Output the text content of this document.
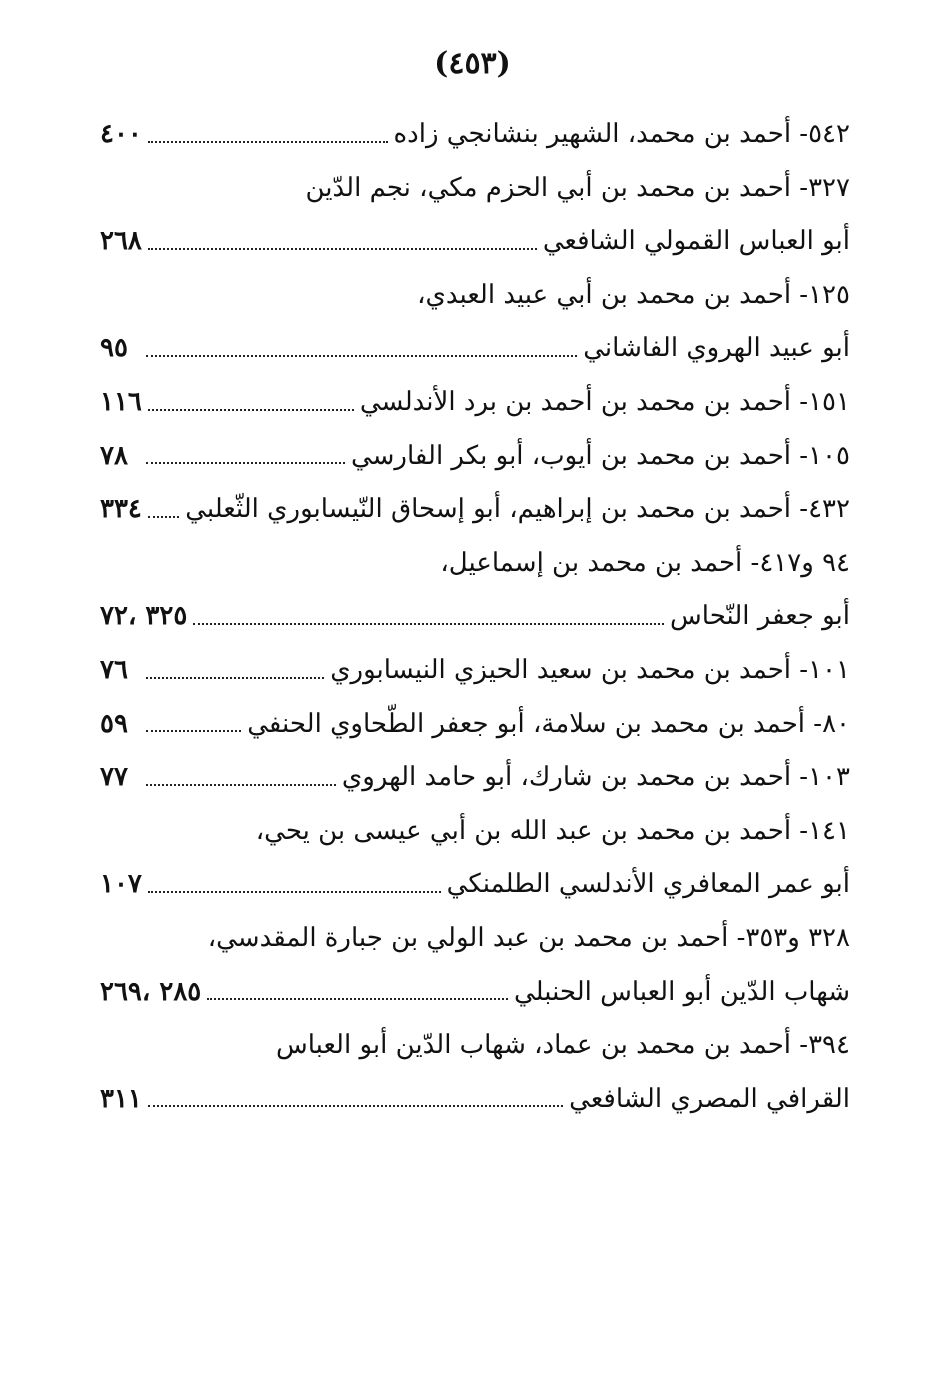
(٤٥٣)
٥٤٢- أحمد بن محمد، الشهير بنشانجي زاده
٤٠٠
٣٢٧- أحمد بن محمد بن أبي الحزم مكي، نجم الدّين
أبو العباس القمولي الشافعي
٢٦٨
١٢٥- أحمد بن محمد بن أبي عبيد العبدي،
أبو عبيد الهروي الفاشاني
٩٥
١٥١- أحمد بن محمد بن أحمد بن برد الأندلسي
١١٦
١٠٥- أحمد بن محمد بن أيوب، أبو بكر الفارسي
٧٨
٤٣٢- أحمد بن محمد بن إبراهيم، أبو إسحاق النّيسابوري الثّعلبي
٣٣٤
٩٤ و٤١٧- أحمد بن محمد بن إسماعيل،
أبو جعفر النّحاس
٣٢٥ ،٧٢
١٠١- أحمد بن محمد بن سعيد الحيزي النيسابوري
٧٦
٨٠- أحمد بن محمد بن سلامة، أبو جعفر الطّحاوي الحنفي
٥٩
١٠٣- أحمد بن محمد بن شارك، أبو حامد الهروي
٧٧
١٤١- أحمد بن محمد بن عبد الله بن أبي عيسى بن يحي،
أبو عمر المعافري الأندلسي الطلمنكي
١٠٧
٣٢٨ و٣٥٣- أحمد بن محمد بن عبد الولي بن جبارة المقدسي،
شهاب الدّين أبو العباس الحنبلي
٢٨٥ ،٢٦٩
٣٩٤- أحمد بن محمد بن عماد، شهاب الدّين أبو العباس
القرافي المصري الشافعي
٣١١
